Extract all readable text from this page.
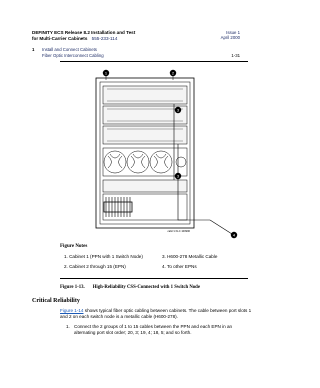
DEFINITY ECS Release 8.2 Installation and Test
for Multi-Carrier Cabinets 555-233-114
Issue 1
April 2000
1 Install and Connect Cabinets
Fiber Optic Interconnect Cabling	1-31
1	2
3
3
4
cabrr1 KLC 100996
Figure Notes
1. Cabinet 1 (PPN with 1 Switch Node)
2. Cabinet 2 through 15 (EPN)
3. H600-278 Metallic Cable
4. To other EPNs
Figure 1-13. High-Reliability CSS-Connected with 1 Switch Node
Critical Reliability
Figure 1-14 shows typical fiber optic cabling between cabinets. The cable between port slots 1 and 2 on each switch node is a metallic cable (H600-278).
1. Connect the 2 groups of 1 to 15 cables between the PPN and each EPN in an alternating port slot order; 20, 3; 19, 4; 18, 5; and so forth.
